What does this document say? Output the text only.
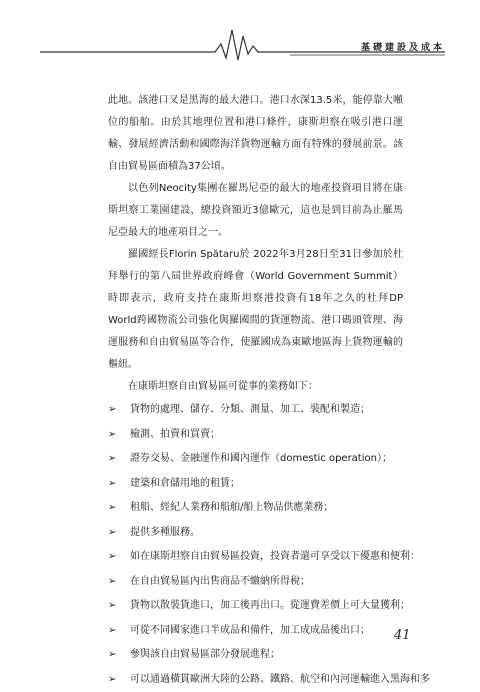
基礎建設及成本

此地。該港口又是黑海的最大港口。港口水深13.5米，能停靠大噸位的船舶。由於其地理位置和港口條件，康斯坦察在吸引港口運輸、發展經濟活動和國際海洋貨物運輸方面有特殊的發展前景。該自由貿易區面積為37公頃。

以色列Neocity集團在羅馬尼亞的最大的地產投資項目將在康斯坦察工業園建設，總投資額近3億歐元，這也是到目前為止羅馬尼亞最大的地產項目之一。

羅國經長Florin Spătaru於 2022年3月28日至31日參加於杜拜舉行的第八屆世界政府峰會（World Government Summit）時即表示，政府支持在康斯坦察港投資有18年之久的杜拜DP World跨國物流公司強化與羅國間的貨運物流、港口碼頭管理、海運服務和自由貿易區等合作，使羅國成為東歐地區海上貨物運輸的樞紐。

在康斯坦察自由貿易區可從事的業務如下：

➢ 貨物的處理、儲存、分類、測量、加工、裝配和製造；
➢ 檢測、拍賣和買賣；
➢ 證券交易、金融運作和國內運作（domestic operation）；
➢ 建築和倉儲用地的租賃；
➢ 租船、經紀人業務和船舶/船上物品供應業務；
➢ 提供多種服務。
➢ 如在康斯坦察自由貿易區投資，投資者還可享受以下優惠和便利：
➢ 在自由貿易區內出售商品不繳納所得稅；
➢ 貨物以散裝貨進口，加工後再出口。從運費差價上可大量獲利；
➢ 可從不同國家進口半成品和備件，加工成成品後出口；
➢ 參與該自由貿易區部分發展進程；
➢ 可以通過橫貫歐洲大陸的公路、鐵路、航空和內河運輸進入黑海和多
41
